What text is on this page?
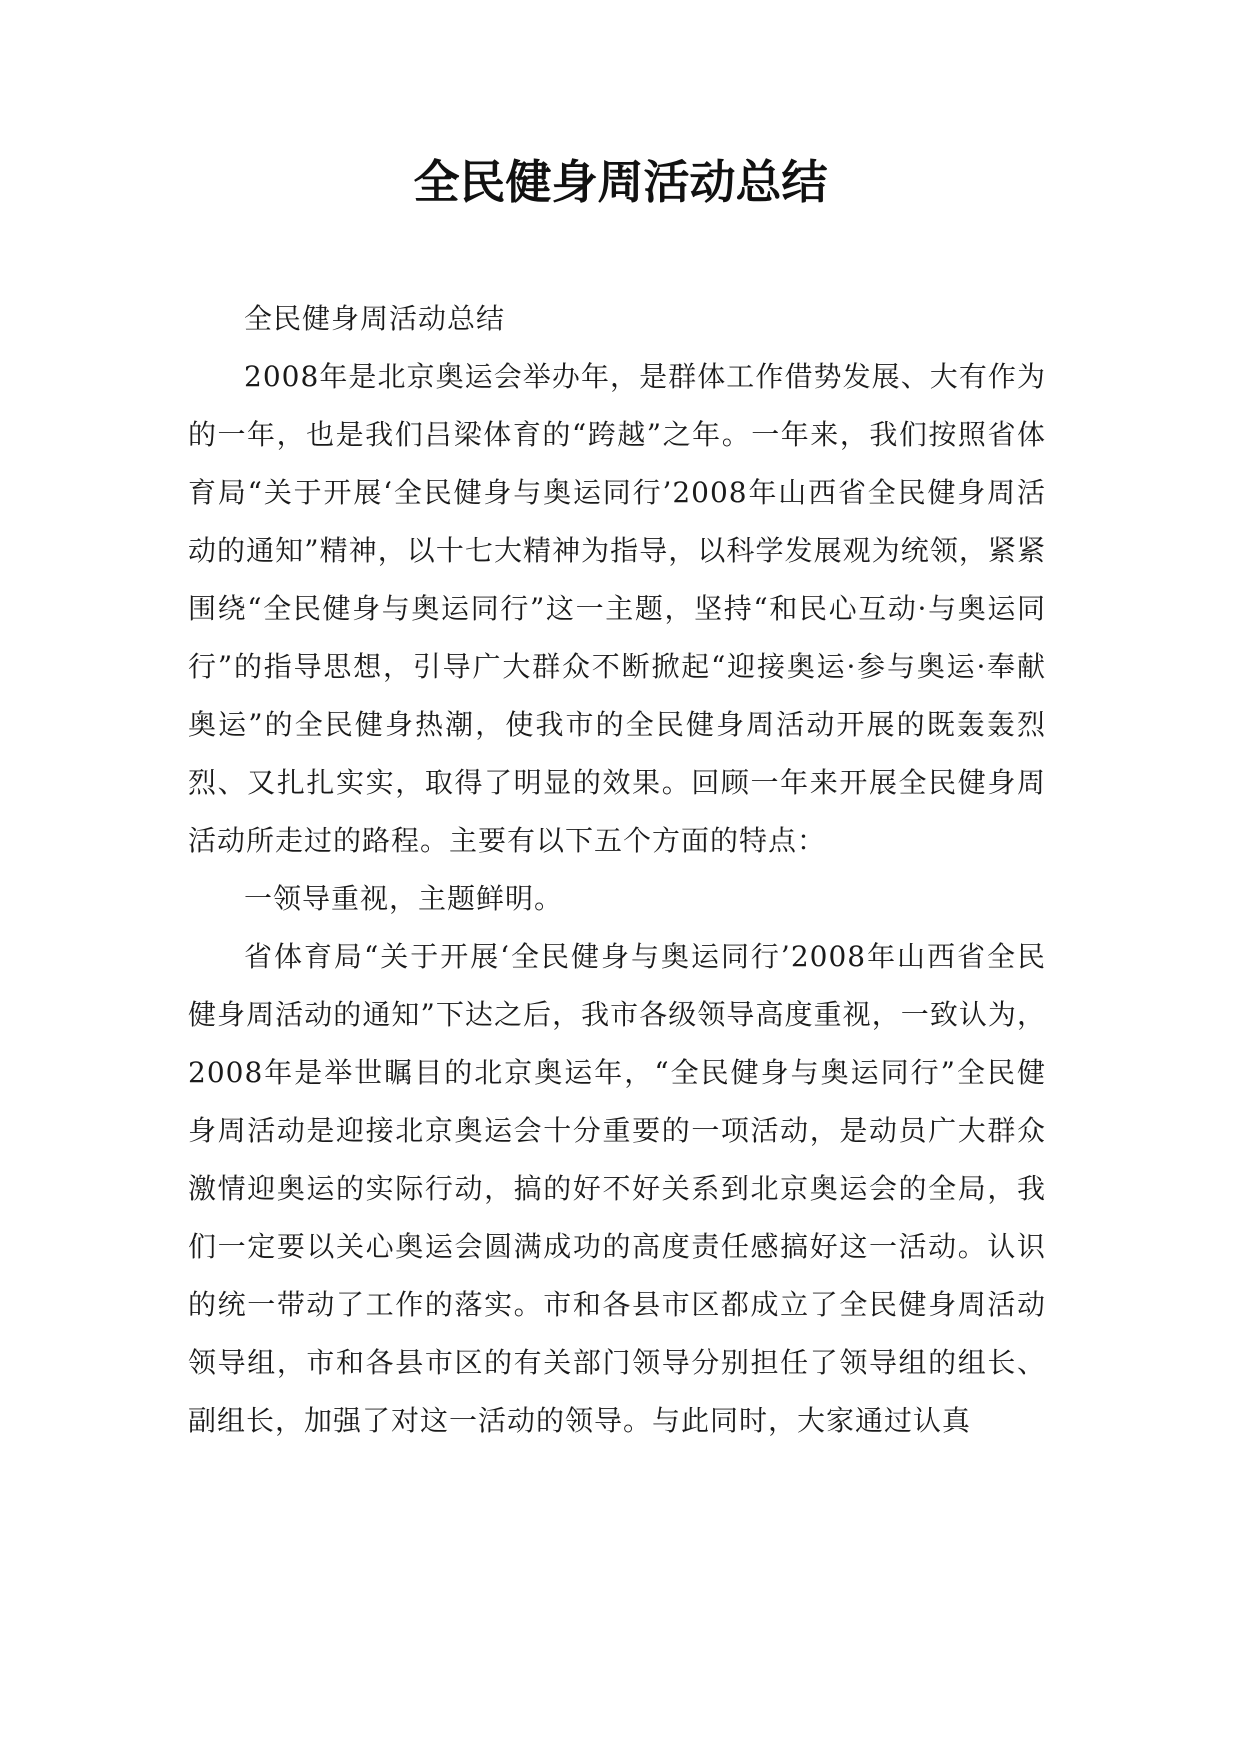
全民健身周活动总结

全民健身周活动总结

2008年是北京奥运会举办年，是群体工作借势发展、大有作为的一年，也是我们吕梁体育的“跨越”之年。一年来，我们按照省体育局“关于开展‘全民健身与奥运同行’2008年山西省全民健身周活动的通知”精神，以十七大精神为指导，以科学发展观为统领，紧紧围绕“全民健身与奥运同行”这一主题，坚持“和民心互动·与奥运同行”的指导思想，引导广大群众不断掀起“迎接奥运·参与奥运·奉献奥运”的全民健身热潮，使我市的全民健身周活动开展的既轰轰烈烈、又扎扎实实，取得了明显的效果。回顾一年来开展全民健身周活动所走过的路程。主要有以下五个方面的特点：

一领导重视，主题鲜明。

省体育局“关于开展‘全民健身与奥运同行’2008年山西省全民健身周活动的通知”下达之后，我市各级领导高度重视，一致认为，2008年是举世瞩目的北京奥运年，“全民健身与奥运同行”全民健身周活动是迎接北京奥运会十分重要的一项活动，是动员广大群众激情迎奥运的实际行动，搞的好不好关系到北京奥运会的全局，我们一定要以关心奥运会圆满成功的高度责任感搞好这一活动。认识的统一带动了工作的落实。市和各县市区都成立了全民健身周活动领导组，市和各县市区的有关部门领导分别担任了领导组的组长、副组长，加强了对这一活动的领导。与此同时，大家通过认真
